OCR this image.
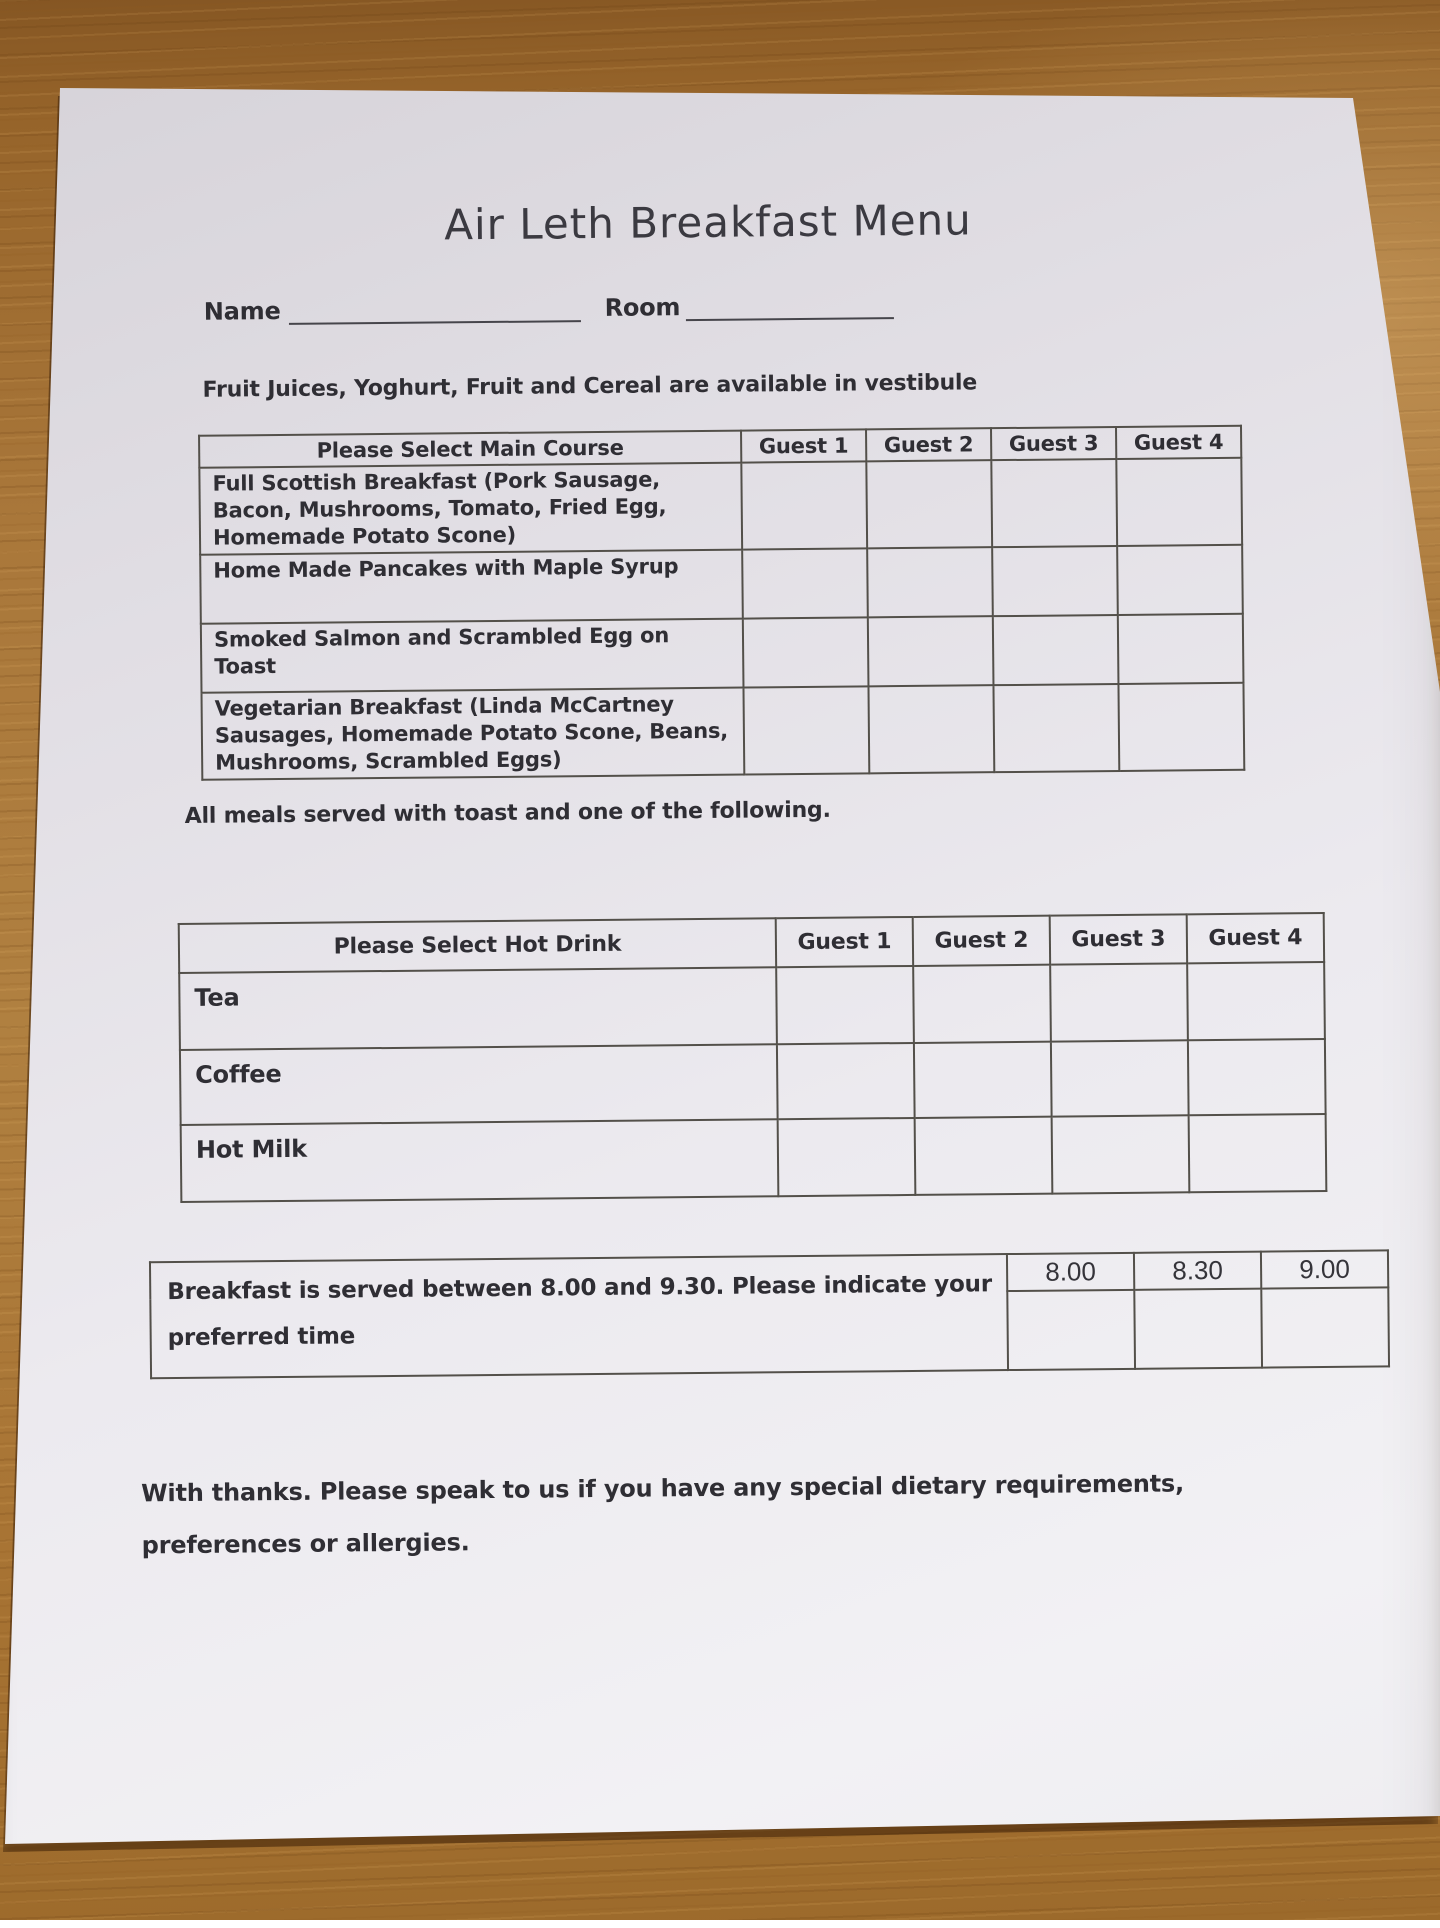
Air Leth Breakfast Menu
Name	Room
Fruit Juices, Yoghurt, Fruit and Cereal are available in vestibule
Please Select Main Course	Guest 1	Guest 2	Guest 3	Guest 4
Full Scottish Breakfast (Pork Sausage, Bacon, Mushrooms, Tomato, Fried Egg, Homemade Potato Scone)				
Home Made Pancakes with Maple Syrup				
Smoked Salmon and Scrambled Egg on Toast				
Vegetarian Breakfast (Linda McCartney Sausages, Homemade Potato Scone, Beans, Mushrooms, Scrambled Eggs)				
All meals served with toast and one of the following.
Please Select Hot Drink	Guest 1	Guest 2	Guest 3	Guest 4
Tea				
Coffee				
Hot Milk				
Breakfast is served between 8.00 and 9.30. Please indicate your preferred time	8.00	8.30	9.00

With thanks. Please speak to us if you have any special dietary requirements,
preferences or allergies.
